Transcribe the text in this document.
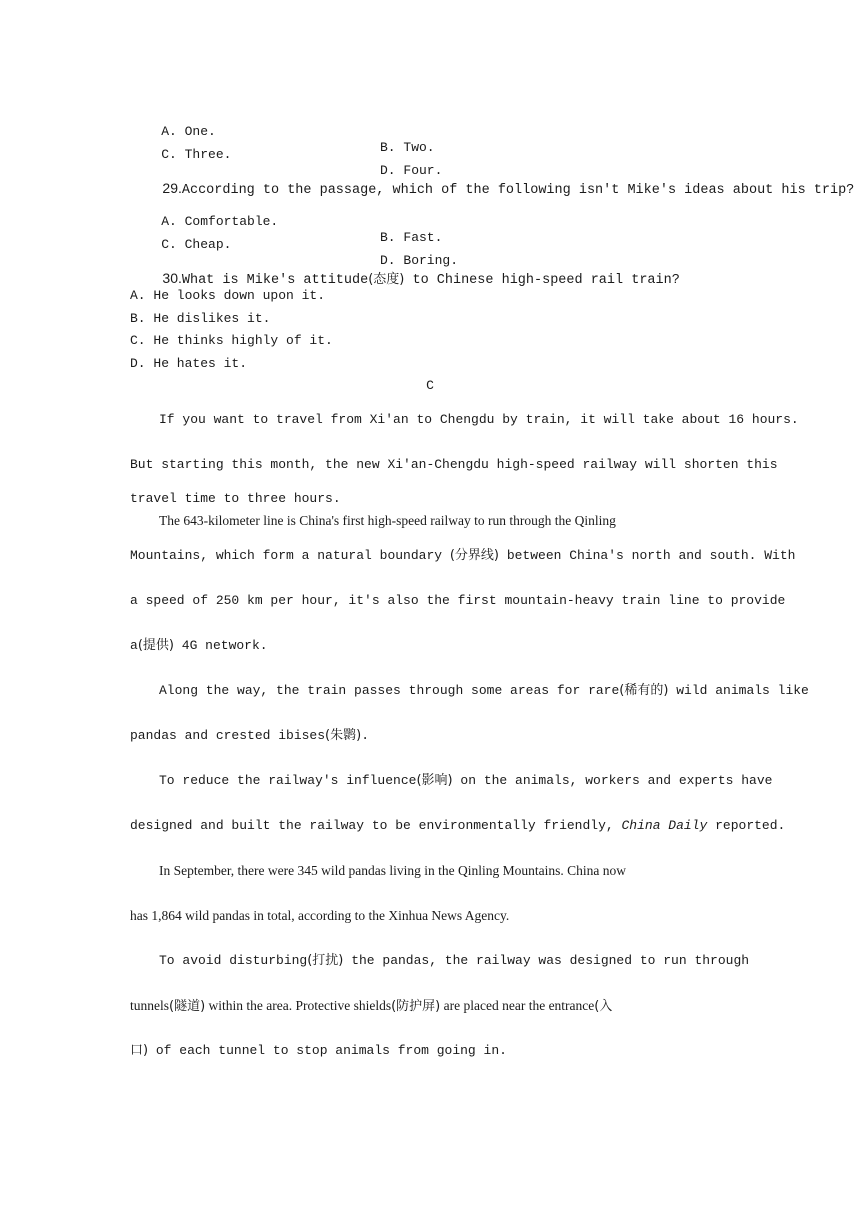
A. One.

B. Two.

C. Three.

D. Four.

29.According to the passage, which of the following isn't Mike's ideas about his trip?

A. Comfortable.

B. Fast.

C. Cheap.

D. Boring.

30.What is Mike's attitude(态度) to Chinese high-speed rail train?

A. He looks down upon it.
B. He dislikes it.
C. He thinks highly of it.
D. He hates it.
C
If you want to travel from Xi'an to Chengdu by train, it will take about 16 hours.
But starting this month, the new Xi'an-Chengdu high-speed railway will shorten this
travel time to three hours.
The 643-kilometer line is China's first high-speed railway to run through the Qinling
Mountains, which form a natural boundary (分界线) between China's north and south. With
a speed of 250 km per hour, it's also the first mountain-heavy train line to provide
a(提供) 4G network.
Along the way, the train passes through some areas for rare(稀有的) wild animals like
pandas and crested ibises(朱鹮).
To reduce the railway's influence(影响) on the animals, workers and experts have
designed and built the railway to be environmentally friendly, China Daily reported.
In September, there were 345 wild pandas living in the Qinling Mountains. China now
has 1,864 wild pandas in total, according to the Xinhua News Agency.
To avoid disturbing(打扰) the pandas, the railway was designed to run through
tunnels(隧道) within the area. Protective shields(防护屏) are placed near the entrance(入
口) of each tunnel to stop animals from going in.
